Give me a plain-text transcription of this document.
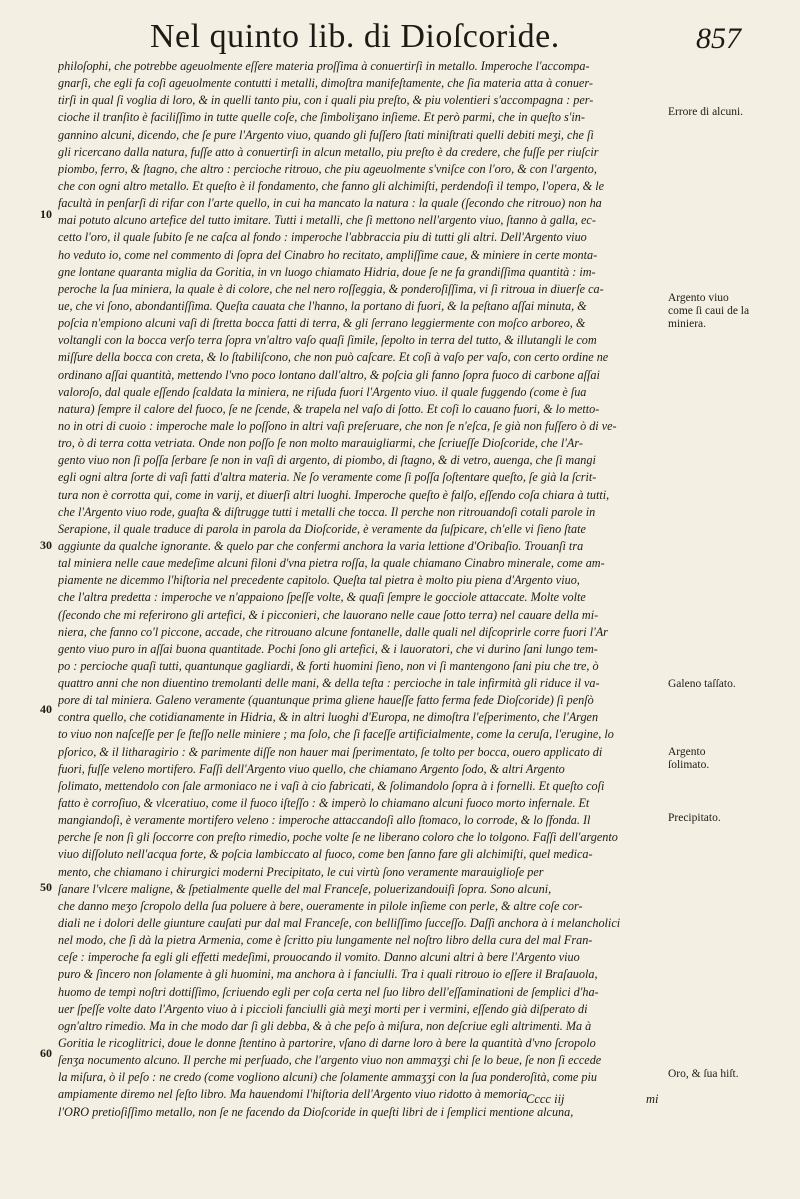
Nel quinto lib. di Dioſcoride.	857
philoſophi, che potrebbe ageuolmente eſſere materia proſſima à conuertirſi in metallo. Imperoche l'accompa-
gnarſi, che egli fa coſi ageuolmente contutti i metalli, dimoſtra manifeſtamente, che ſia materia atta à conuer-
tirſi in qual ſi voglia di loro, & in quelli tanto piu, con i quali piu preſto, & piu volentieri s'accompagna : per-
cioche il tranſito è faciliſſimo in tutte quelle coſe, che ſimboliʒano inſieme. Et però parmi, che in queſto s'in-
gannino alcuni, dicendo, che ſe pure l'Argento viuo, quando gli fuſſero ſtati miniſtrati quelli debiti meʒi, che ſi
gli ricercano dalla natura, fuſſe atto à conuertirſi in alcun metallo, piu preſto è da credere, che fuſſe per riuſcir
piombo, ferro, & ſtagno, che altro : percioche ritrouo, che piu ageuolmente s'vniſce con l'oro, & con l'argento,
che con ogni altro metallo. Et queſto è il fondamento, che fanno gli alchimiſti, perdendoſi il tempo, l'opera, & le
facultà in penſarſi di rifar con l'arte quello, in cui ha mancato la natura : la quale (ſecondo che ritrouo) non ha
mai potuto alcuno artefice del tutto imitare. Tutti i metalli, che ſi mettono nell'argento viuo, ſtanno à galla, ec-
cetto l'oro, il quale ſubito ſe ne caſca al fondo : imperoche l'abbraccia piu di tutti gli altri. Dell'Argento viuo
ho veduto io, come nel commento di ſopra del Cinabro ho recitato, ampliſſime caue, & miniere in certe monta-
gne lontane quaranta miglia da Goritia, in vn luogo chiamato Hidria, doue ſe ne fa grandiſſima quantità : im-
peroche la ſua miniera, la quale è di colore, che nel nero roſſeggia, & ponderoſiſſima, vi ſi ritroua in diuerſe ca-
ue, che vi ſono, abondantiſſima. Queſta cauata che l'hanno, la portano di fuori, & la peſtano aſſai minuta, &
poſcia n'empiono alcuni vaſi di ſtretta bocca fatti di terra, & gli ſerrano leggiermente con moſco arboreo, &
voltangli con la bocca verſo terra ſopra vn'altro vaſo quaſi ſimile, ſepolto in terra del tutto, & illutangli le com
miſſure della bocca con creta, & lo ſtabiliſcono, che non può caſcare. Et coſi à vaſo per vaſo, con certo ordine ne
ordinano aſſai quantità, mettendo l'vno poco lontano dall'altro, & poſcia gli fanno ſopra fuoco di carbone aſſai
valoroſo, dal quale eſſendo ſcaldata la miniera, ne riſuda fuori l'Argento viuo. il quale fuggendo (come è ſua
natura) ſempre il calore del fuoco, ſe ne ſcende, & trapela nel vaſo di ſotto. Et coſi lo cauano fuori, & lo metto-
no in otri di cuoio : imperoche male lo poſſono in altri vaſi preſeruare, che non ſe n'eſca, ſe già non fuſſero ò di ve-
tro, ò di terra cotta vetriata. Onde non poſſo ſe non molto marauigliarmi, che ſcriueſſe Dioſcoride, che l'Ar-
gento viuo non ſi poſſa ſerbare ſe non in vaſi di argento, di piombo, di ſtagno, & di vetro, auenga, che ſi mangi
egli ogni altra ſorte di vaſi fatti d'altra materia. Ne ſo veramente come ſi poſſa ſoſtentare queſto, ſe già la ſcrit-
tura non è corrotta qui, come in varij, et diuerſi altri luoghi. Imperoche queſto è falſo, eſſendo coſa chiara à tutti,
che l'Argento viuo rode, guaſta & diſtrugge tutti i metalli che tocca. Il perche non ritrouandoſi cotali parole in
Serapione, il quale traduce di parola in parola da Dioſcoride, è veramente da ſuſpicare, ch'elle vi ſieno ſtate
aggiunte da qualche ignorante. & quelo par che confermi anchora la varia lettione d'Oribaſio. Trouanſi tra
tal miniera nelle caue medeſime alcuni filoni d'vna pietra roſſa, la quale chiamano Cinabro minerale, come am-
piamente ne dicemmo l'hiſtoria nel precedente capitolo. Queſta tal pietra è molto piu piena d'Argento viuo,
che l'altra predetta : imperoche ve n'appaiono ſpeſſe volte, & quaſi ſempre le gocciole attaccate. Molte volte
(ſecondo che mi referirono gli artefici, & i picconieri, che lauorano nelle caue ſotto terra) nel cauare della mi-
niera, che fanno co'l piccone, accade, che ritrouano alcune fontanelle, dalle quali nel diſcoprirle corre fuori l'Ar
gento viuo puro in aſſai buona quantitade. Pochi ſono gli artefici, & i lauoratori, che vi durino ſani lungo tem-
po : percioche quaſi tutti, quantunque gagliardi, & forti huomini ſieno, non vi ſi mantengono ſani piu che tre, ò
quattro anni che non diuentino tremolanti delle mani, & della teſta : percioche in tale infirmità gli riduce il va-
pore di tal miniera. Galeno veramente (quantunque prima gliene haueſſe fatto ferma fede Dioſcoride) ſi penſò
contra quello, che cotidianamente in Hidria, & in altri luoghi d'Europa, ne dimoſtra l'eſperimento, che l'Argen
to viuo non naſceſſe per ſe ſteſſo nelle miniere ; ma ſolo, che ſi faceſſe artificialmente, come la ceruſa, l'erugine, lo
pſorico, & il litharagirio : & parimente diſſe non hauer mai ſperimentato, ſe tolto per bocca, ouero applicato di
fuori, fuſſe veleno mortifero. Faſſi dell'Argento viuo quello, che chiamano Argento ſodo, & altri Argento
ſolimato, mettendolo con ſale armoniaco ne i vaſi à cio fabricati, & ſolimandolo ſopra à i fornelli. Et queſto coſi
fatto è corroſiuo, & vlceratiuo, come il fuoco iſteſſo : & imperò lo chiamano alcuni fuoco morto infernale. Et
mangiandoſi, è veramente mortifero veleno : imperoche attaccandoſi allo ſtomaco, lo corrode, & lo ſfonda. Il
perche ſe non ſi gli ſoccorre con preſto rimedio, poche volte ſe ne liberano coloro che lo tolgono. Faſſi dell'argento
viuo diſſoluto nell'acqua forte, & poſcia lambiccato al fuoco, come ben ſanno fare gli alchimiſti, quel medica-
mento, che chiamano i chirurgici moderni Precipitato, le cui virtù ſono veramente marauiglioſe per
ſanare l'vlcere maligne, & ſpetialmente quelle del mal Franceſe, poluerizandouiſi ſopra. Sono alcuni,
che danno meʒo ſcropolo della ſua poluere à bere, oueramente in pilole inſieme con perle, & altre coſe cor-
diali ne i dolori delle giunture cauſati pur dal mal Franceſe, con belliſſimo ſucceſſo. Daſſi anchora à i melancholici
nel modo, che ſi dà la pietra Armenia, come è ſcritto piu lungamente nel noſtro libro della cura del mal Fran-
ceſe : imperoche fa egli gli effetti medeſimi, prouocando il vomito. Danno alcuni altri à bere l'Argento viuo
puro & ſincero non ſolamente à gli huomini, ma anchora à i fanciulli. Tra i quali ritrouo io eſſere il Braſauola,
huomo de tempi noſtri dottiſſimo, ſcriuendo egli per coſa certa nel ſuo libro dell'eſſaminationi de ſemplici d'ha-
uer ſpeſſe volte dato l'Argento viuo à i piccioli fanciulli già meʒi morti per i vermini, eſſendo già diſperato di
ogn'altro rimedio. Ma in che modo dar ſi gli debba, & à che peſo à miſura, non deſcriue egli altrimenti. Ma à
Goritia le ricoglitrici, doue le donne ſtentino à partorire, vſano di darne loro à bere la quantità d'vno ſcropolo
ſenʒa nocumento alcuno. Il perche mi perſuado, che l'argento viuo non ammaʒʒi chi ſe lo beue, ſe non ſi eccede
la miſura, ò il peſo : ne credo (come vogliono alcuni) che ſolamente ammaʒʒi con la ſua ponderoſità, come piu
ampiamente diremo nel ſeſto libro. Ma hauendomi l'hiſtoria dell'Argento viuo ridotto à memoria
l'ORO pretioſiſſimo metallo, non ſe ne facendo da Dioſcoride in queſti libri de i ſemplici mentione alcuna,
10
30
40
50
60
Errore di alcuni.
Argento viuo come ſi caui de la miniera.
Galeno taſſato.
Argento ſolimato.
Precipitato.
Oro, & ſua hiſt.
Cccc iij	mi
